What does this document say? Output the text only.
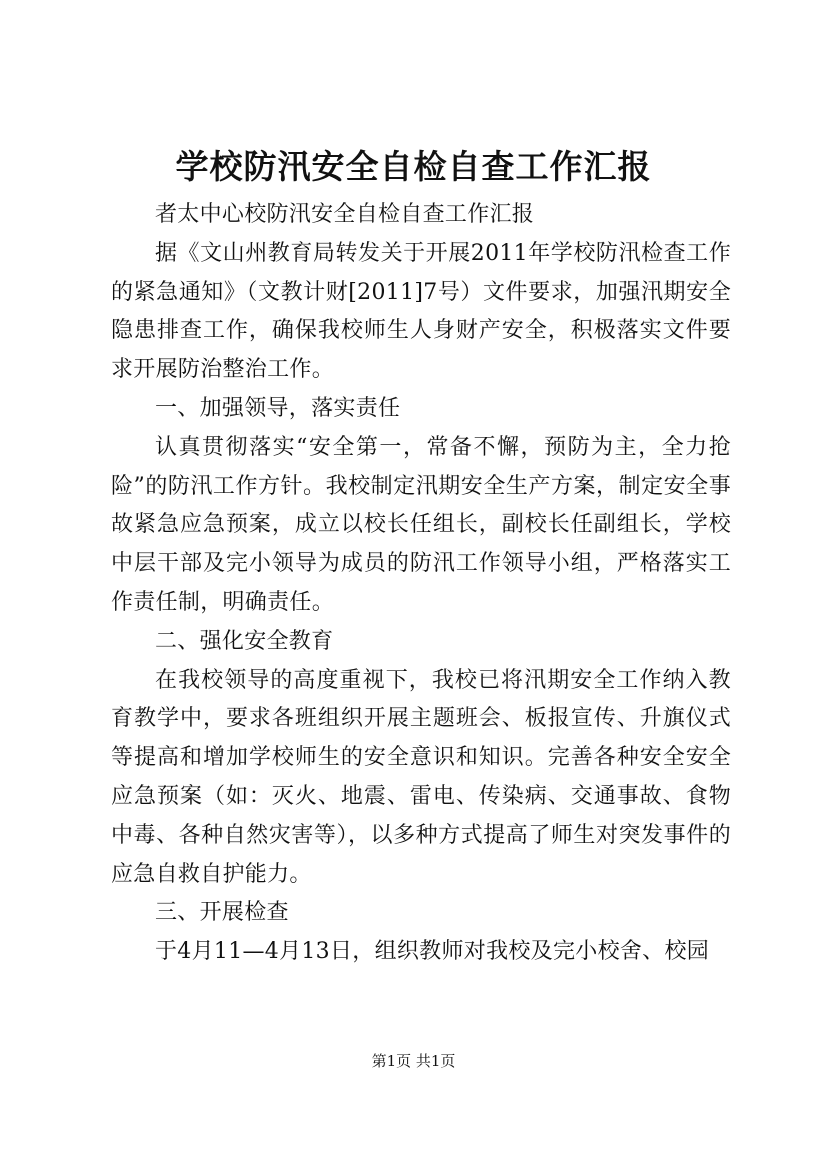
学校防汛安全自检自查工作汇报

者太中心校防汛安全自检自查工作汇报

据《文山州教育局转发关于开展2011年学校防汛检查工作的紧急通知》（文教计财[2011]7号）文件要求，加强汛期安全隐患排查工作，确保我校师生人身财产安全，积极落实文件要求开展防治整治工作。

一、加强领导，落实责任

认真贯彻落实“安全第一，常备不懈，预防为主，全力抢险”的防汛工作方针。我校制定汛期安全生产方案，制定安全事故紧急应急预案，成立以校长任组长，副校长任副组长，学校中层干部及完小领导为成员的防汛工作领导小组，严格落实工作责任制，明确责任。

二、强化安全教育

在我校领导的高度重视下，我校已将汛期安全工作纳入教育教学中，要求各班组织开展主题班会、板报宣传、升旗仪式等提高和增加学校师生的安全意识和知识。完善各种安全安全应急预案（如：灭火、地震、雷电、传染病、交通事故、食物中毒、各种自然灾害等），以多种方式提高了师生对突发事件的应急自救自护能力。

三、开展检查

于4月11—4月13日，组织教师对我校及完小校舍、校园

第1页 共1页
